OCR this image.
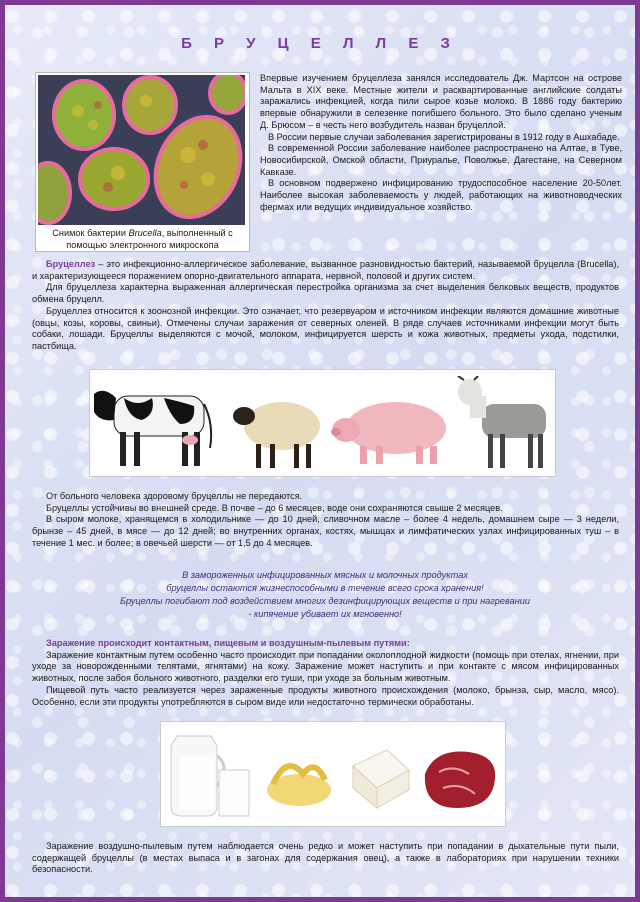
Б Р У Ц Е Л Л Е З
Снимок бактерии Brucella, выполненный с помощью электронного микроскопа

Впервые изучением бруцеллеза занялся исследователь Дж. Мартсон на острове Мальта в XIX веке. Местные жители и расквартированные английские солдаты заражались инфекцией, когда пили сырое козье молоко. В 1886 году бактерию впервые обнаружили в селезенке погибшего больного. Это было сделано ученым Д. Брюсом – в честь него возбудитель назван бруцеллой.

В России первые случаи заболевания зарегистрированы в 1912 году в Ашхабаде.

В современной России заболевание наиболее распространено на Алтае, в Туве, Новосибирской, Омской области, Приуралье, Поволжье, Дагестане, на Северном Кавказе.

В основном подвержено инфицированию трудоспособное население 20-50лет. Наиболее высокая заболеваемость у людей, работающих на животноводческих фермах или ведущих индивидуальное хозяйство.

Бруцеллез – это инфекционно-аллергическое заболевание, вызванное разновидностью бактерий, называемой бруцелла (Brucella), и характеризующееся поражением опорно-двигательного аппарата, нервной, половой и других систем.

Для бруцеллеза характерна выраженная аллергическая перестройка организма за счет выделения белковых веществ, продуктов обмена бруцелл.

Бруцеллез относится к зоонозной инфекции. Это означает, что резервуаром и источником инфекции являются домашние животные (овцы, козы, коровы, свиньи). Отмечены случаи заражения от северных оленей. В ряде случаев источниками инфекции могут быть собаки, лошади. Бруцеллы выделяются с мочой, молоком, инфицируется шерсть и кожа животных, предметы ухода, подстилки, пастбища.

От больного человека здоровому бруцеллы не передаются.

Бруцеллы устойчивы во внешней среде. В почве – до 6 месяцев, воде они сохраняются свыше 2 месяцев.

В сыром молоке, хранящемся в холодильнике — до 10 дней, сливочном масле – более 4 недель, домашнем сыре — 3 недели, брынзе – 45 дней, в мясе — до 12 дней; во внутренних органах, костях, мышцах и лимфатических узлах инфицированных туш – в течение 1 мес. и более; в овечьей шерсти — от 1,5 до 4 месяцев.

В замороженных инфицированных мясных и молочных продуктах

бруцеллы остаются жизнеспособными в течение всего срока хранения!

Бруцеллы погибают под воздействием многих дезинфицирующих веществ и при нагревании

- кипячение убивает их мгновенно!

Заражение происходит контактным, пищевым и воздушным-пылевым путями:

Заражение контактным путем особенно часто происходит при попадании околоплодной жидкости (помощь при отелах, ягнении, при уходе за новорожденными телятами, ягнятами) на кожу. Заражение может наступить и при контакте с мясом инфицированных животных, после забоя больного животного, разделки его туши, при уходе за больным животным.

Пищевой путь часто реализуется через зараженные продукты животного происхождения (молоко, брынза, сыр, масло, мясо). Особенно, если эти продукты употребляются в сыром виде или недостаточно термически обработаны.

Заражение воздушно-пылевым путем наблюдается очень редко и может наступить при попадании в дыхательные пути пыли, содержащей бруцеллы (в местах выпаса и в загонах для содержания овец), а также в лабораториях при нарушении техники безопасности.
